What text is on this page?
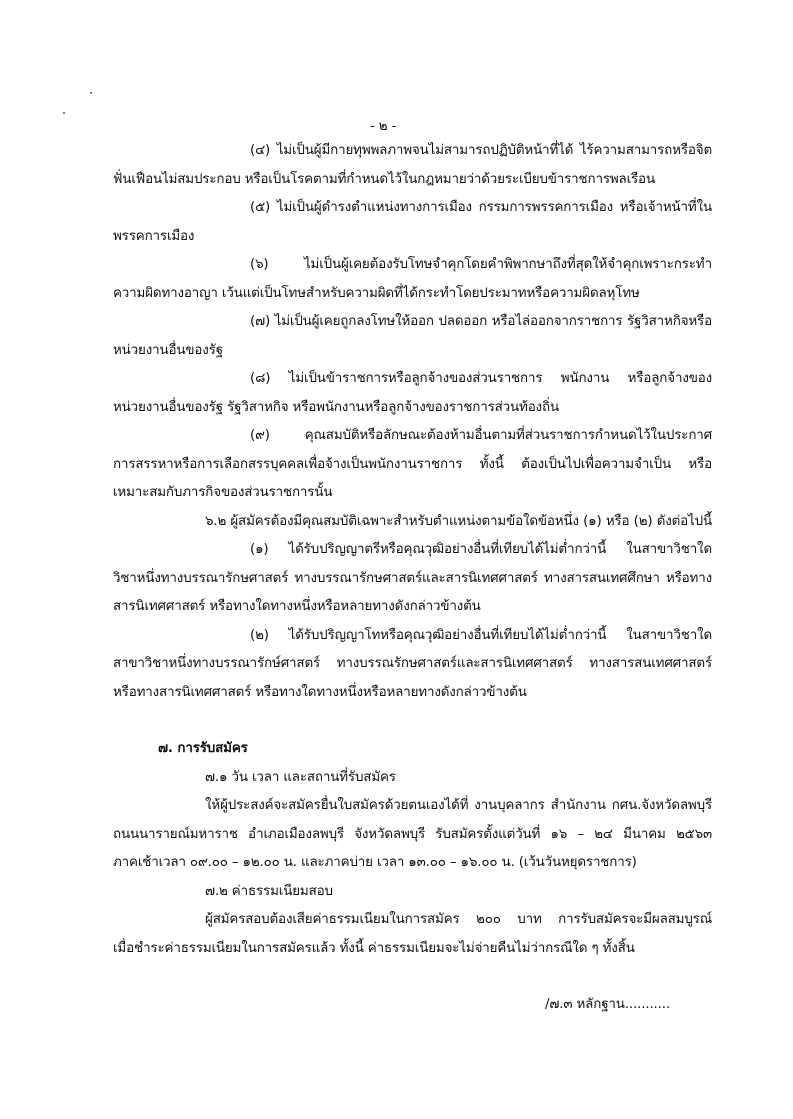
- ๒ -

(๔) ไม่เป็นผู้มีกายทุพพลภาพจนไม่สามารถปฏิบัติหน้าที่ได้ ไร้ความสามารถหรือจิต

ฟั่นเฟือนไม่สมประกอบ หรือเป็นโรคตามที่กำหนดไว้ในกฎหมายว่าด้วยระเบียบข้าราชการพลเรือน

(๕) ไม่เป็นผู้ดำรงตำแหน่งทางการเมือง กรรมการพรรคการเมือง หรือเจ้าหน้าที่ใน

พรรคการเมือง

(๖) ไม่เป็นผู้เคยต้องรับโทษจำคุกโดยคำพิพากษาถึงที่สุดให้จำคุกเพราะกระทำ

ความผิดทางอาญา เว้นแต่เป็นโทษสำหรับความผิดที่ได้กระทำโดยประมาทหรือความผิดลหุโทษ

(๗) ไม่เป็นผู้เคยถูกลงโทษให้ออก ปลดออก หรือไล่ออกจากราชการ รัฐวิสาหกิจหรือ

หน่วยงานอื่นของรัฐ

(๘) ไม่เป็นข้าราชการหรือลูกจ้างของส่วนราชการ พนักงาน หรือลูกจ้างของ

หน่วยงานอื่นของรัฐ รัฐวิสาหกิจ หรือพนักงานหรือลูกจ้างของราชการส่วนท้องถิ่น

(๙) คุณสมบัติหรือลักษณะต้องห้ามอื่นตามที่ส่วนราชการกำหนดไว้ในประกาศ

การสรรหาหรือการเลือกสรรบุคคลเพื่อจ้างเป็นพนักงานราชการ ทั้งนี้ ต้องเป็นไปเพื่อความจำเป็น หรือ

เหมาะสมกับภารกิจของส่วนราชการนั้น

๖.๒ ผู้สมัครต้องมีคุณสมบัติเฉพาะสำหรับตำแหน่งตามข้อใดข้อหนึ่ง (๑) หรือ (๒) ดังต่อไปนี้

(๑) ได้รับปริญญาตรีหรือคุณวุฒิอย่างอื่นที่เทียบได้ไม่ต่ำกว่านี้ ในสาขาวิชาใด

วิชาหนึ่งทางบรรณารักษศาสตร์ ทางบรรณารักษศาสตร์และสารนิเทศศาสตร์ ทางสารสนเทศศึกษา หรือทาง

สารนิเทศศาสตร์ หรือทางใดทางหนึ่งหรือหลายทางดังกล่าวข้างต้น

(๒) ได้รับปริญญาโทหรือคุณวุฒิอย่างอื่นที่เทียบได้ไม่ต่ำกว่านี้ ในสาขาวิชาใด

สาขาวิชาหนึ่งทางบรรณารักษ์ศาสตร์ ทางบรรณรักษศาสตร์และสารนิเทศศาสตร์ ทางสารสนเทศศาสตร์

หรือทางสารนิเทศศาสตร์ หรือทางใดทางหนึ่งหรือหลายทางดังกล่าวข้างต้น

๗. การรับสมัคร

๗.๑ วัน เวลา และสถานที่รับสมัคร

ให้ผู้ประสงค์จะสมัครยื่นใบสมัครด้วยตนเองได้ที่ งานบุคลากร สำนักงาน กศน.จังหวัดลพบุรี

ถนนนารายณ์มหาราช อำเภอเมืองลพบุรี จังหวัดลพบุรี รับสมัครตั้งแต่วันที่ ๑๖ – ๒๔ มีนาคม ๒๕๖๓

ภาคเช้าเวลา ๐๙.๐๐ – ๑๒.๐๐ น. และภาคบ่าย เวลา ๑๓.๐๐ – ๑๖.๐๐ น. (เว้นวันหยุดราชการ)

๗.๒ ค่าธรรมเนียมสอบ

ผู้สมัครสอบต้องเสียค่าธรรมเนียมในการสมัคร ๒๐๐ บาท การรับสมัครจะมีผลสมบูรณ์

เมื่อชำระค่าธรรมเนียมในการสมัครแล้ว ทั้งนี้ ค่าธรรมเนียมจะไม่จ่ายคืนไม่ว่ากรณีใด ๆ ทั้งสิ้น

/๗.๓ หลักฐาน...........
